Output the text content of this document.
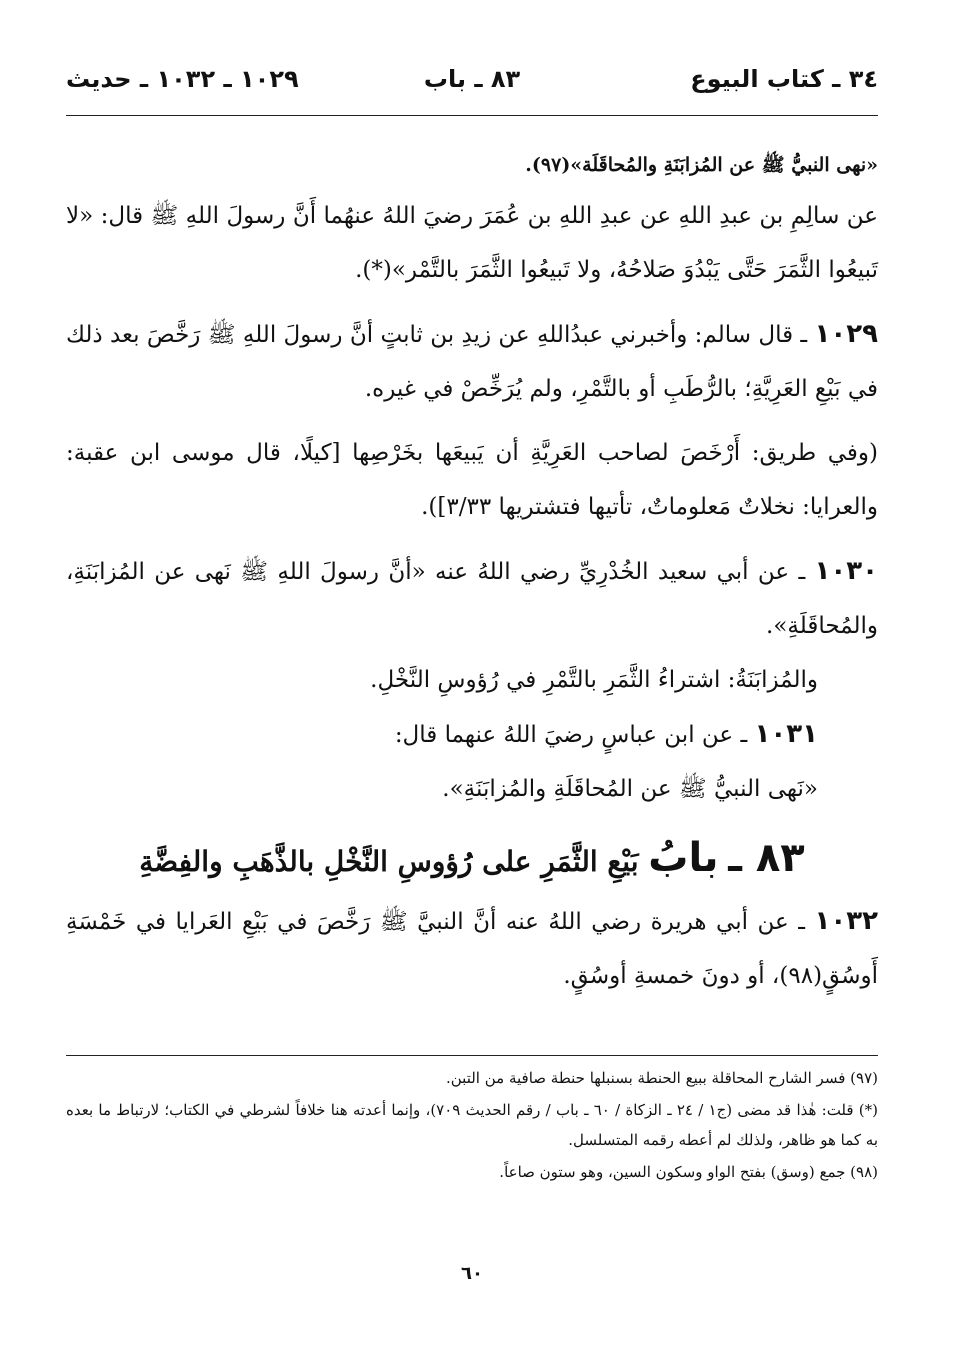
٣٤ ـ كتاب البيوع
٨٣ ـ باب
١٠٢٩ ـ ١٠٣٢ ـ حديث

«نهى النبيُّ ﷺ عن المُزابَنَةِ والمُحاقَلَة»(٩٧).

عن سالِمِ بن عبدِ اللهِ عن عبدِ اللهِ بن عُمَرَ رضيَ اللهُ عنهُما أَنَّ رسولَ اللهِ ﷺ قال: «لا تَبيعُوا الثَّمَرَ حَتَّى يَبْدُوَ صَلاحُهُ، ولا تَبيعُوا الثَّمَرَ بالتَّمْر»(*).

١٠٢٩ ـ قال سالم: وأخبرني عبدُاللهِ عن زيدِ بن ثابتٍ أنَّ رسولَ اللهِ ﷺ رَخَّصَ بعد ذلك في بَيْعِ العَرِيَّةِ؛ بالرُّطَبِ أو بالتَّمْرِ، ولم يُرَخِّصْ في غيره.

(وفي طريق: أَرْخَصَ لصاحب العَرِيَّةِ أن يَبيعَها بخَرْصِها [كيلًا، قال موسى ابن عقبة: والعرايا: نخلاتٌ مَعلوماتٌ، تأتيها فتشتريها ٣/٣٣]).

١٠٣٠ ـ عن أبي سعيد الخُدْرِيِّ رضي اللهُ عنه «أنَّ رسولَ اللهِ ﷺ نَهى عن المُزابَنَةِ، والمُحاقَلَةِ».

والمُزابَنَةُ: اشتراءُ الثَّمَرِ بالتَّمْرِ في رُؤوسِ النَّخْلِ.

١٠٣١ ـ عن ابن عباسٍ رضيَ اللهُ عنهما قال:

«نَهى النبيُّ ﷺ عن المُحاقَلَةِ والمُزابَنَةِ».

٨٣ ـ بابُ بَيْعِ الثَّمَرِ على رُؤوسِ النَّخْلِ بالذَّهَبِ والفِضَّةِ

١٠٣٢ ـ عن أبي هريرة رضي اللهُ عنه أنَّ النبيَّ ﷺ رَخَّصَ في بَيْعِ العَرايا في خَمْسَةِ أَوسُقٍ(٩٨)، أو دونَ خمسةِ أوسُقٍ.

(٩٧) فسر الشارح المحاقلة ببيع الحنطة بسنبلها حنطة صافية من التبن.

(*) قلت: هٰذا قد مضى (ج١ / ٢٤ ـ الزكاة / ٦٠ ـ باب / رقم الحديث ٧٠٩)، وإنما أعدته هنا خلافاً لشرطي في الكتاب؛ لارتباط ما بعده به كما هو ظاهر، ولذلك لم أعطه رقمه المتسلسل.

(٩٨) جمع (وسق) بفتح الواو وسكون السين، وهو ستون صاعاً.

٦٠
